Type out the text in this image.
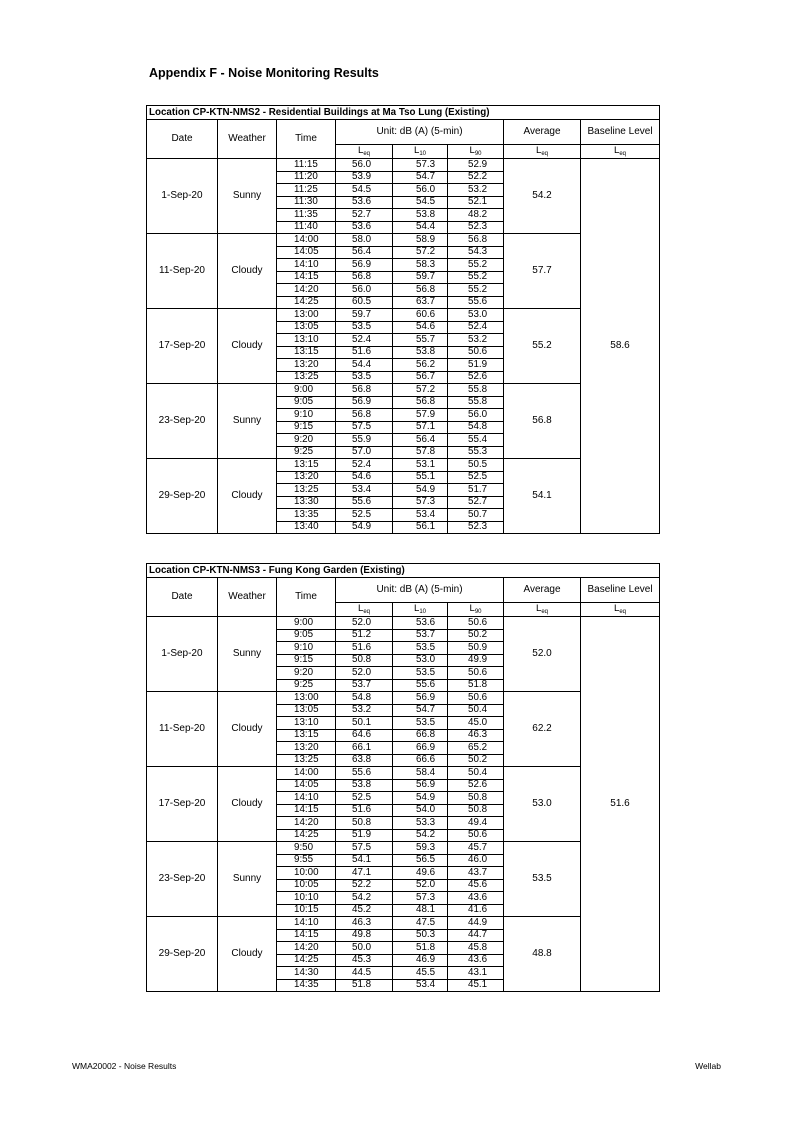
Appendix F - Noise Monitoring Results
Location CP-KTN-NMS2 - Residential Buildings at Ma Tso Lung (Existing)							
Date	Weather	Time	Unit: dB (A) (5-min)			Average	Baseline Level
			$L_{eq}$	$L_{10}$	$L_{90}$	$L_{eq}$	$L_{eq}$
1-Sep-20	Sunny	11:15	56.0	57.3	52.9	54.2	58.6
		11:20	53.9	54.7	52.2		
		11:25	54.5	56.0	53.2		
		11:30	53.6	54.5	52.1		
		11:35	52.7	53.8	48.2		
		11:40	53.6	54.4	52.3		
11-Sep-20	Cloudy	14:00	58.0	58.9	56.8	57.7	
		14:05	56.4	57.2	54.3		
		14:10	56.9	58.3	55.2		
		14:15	56.8	59.7	55.2		
		14:20	56.0	56.8	55.2		
		14:25	60.5	63.7	55.6		
17-Sep-20	Cloudy	13:00	59.7	60.6	53.0	55.2	
		13:05	53.5	54.6	52.4		
		13:10	52.4	55.7	53.2		
		13:15	51.6	53.8	50.6		
		13:20	54.4	56.2	51.9		
		13:25	53.5	56.7	52.6		
23-Sep-20	Sunny	9:00	56.8	57.2	55.8	56.8	
		9:05	56.9	56.8	55.8		
		9:10	56.8	57.9	56.0		
		9:15	57.5	57.1	54.8		
		9:20	55.9	56.4	55.4		
		9:25	57.0	57.8	55.3		
29-Sep-20	Cloudy	13:15	52.4	53.1	50.5	54.1	
		13:20	54.6	55.1	52.5		
		13:25	53.4	54.9	51.7		
		13:30	55.6	57.3	52.7		
		13:35	52.5	53.4	50.7		
		13:40	54.9	56.1	52.3		
Location CP-KTN-NMS3 - Fung Kong Garden (Existing)							
Date	Weather	Time	Unit: dB (A) (5-min)			Average	Baseline Level
			$L_{eq}$	$L_{10}$	$L_{90}$	$L_{eq}$	$L_{eq}$
1-Sep-20	Sunny	9:00	52.0	53.6	50.6	52.0	51.6
		9:05	51.2	53.7	50.2		
		9:10	51.6	53.5	50.9		
		9:15	50.8	53.0	49.9		
		9:20	52.0	53.5	50.6		
		9:25	53.7	55.6	51.8		
11-Sep-20	Cloudy	13:00	54.8	56.9	50.6	62.2	
		13:05	53.2	54.7	50.4		
		13:10	50.1	53.5	45.0		
		13:15	64.6	66.8	46.3		
		13:20	66.1	66.9	65.2		
		13:25	63.8	66.6	50.2		
17-Sep-20	Cloudy	14:00	55.6	58.4	50.4	53.0	
		14:05	53.8	56.9	52.6		
		14:10	52.5	54.9	50.8		
		14:15	51.6	54.0	50.8		
		14:20	50.8	53.3	49.4		
		14:25	51.9	54.2	50.6		
23-Sep-20	Sunny	9:50	57.5	59.3	45.7	53.5	
		9:55	54.1	56.5	46.0		
		10:00	47.1	49.6	43.7		
		10:05	52.2	52.0	45.6		
		10:10	54.2	57.3	43.6		
		10:15	45.2	48.1	41.6		
29-Sep-20	Cloudy	14:10	46.3	47.5	44.9	48.8	
		14:15	49.8	50.3	44.7		
		14:20	50.0	51.8	45.8		
		14:25	45.3	46.9	43.6		
		14:30	44.5	45.5	43.1		
		14:35	51.8	53.4	45.1		
WMA20002 - Noise Results	Wellab
